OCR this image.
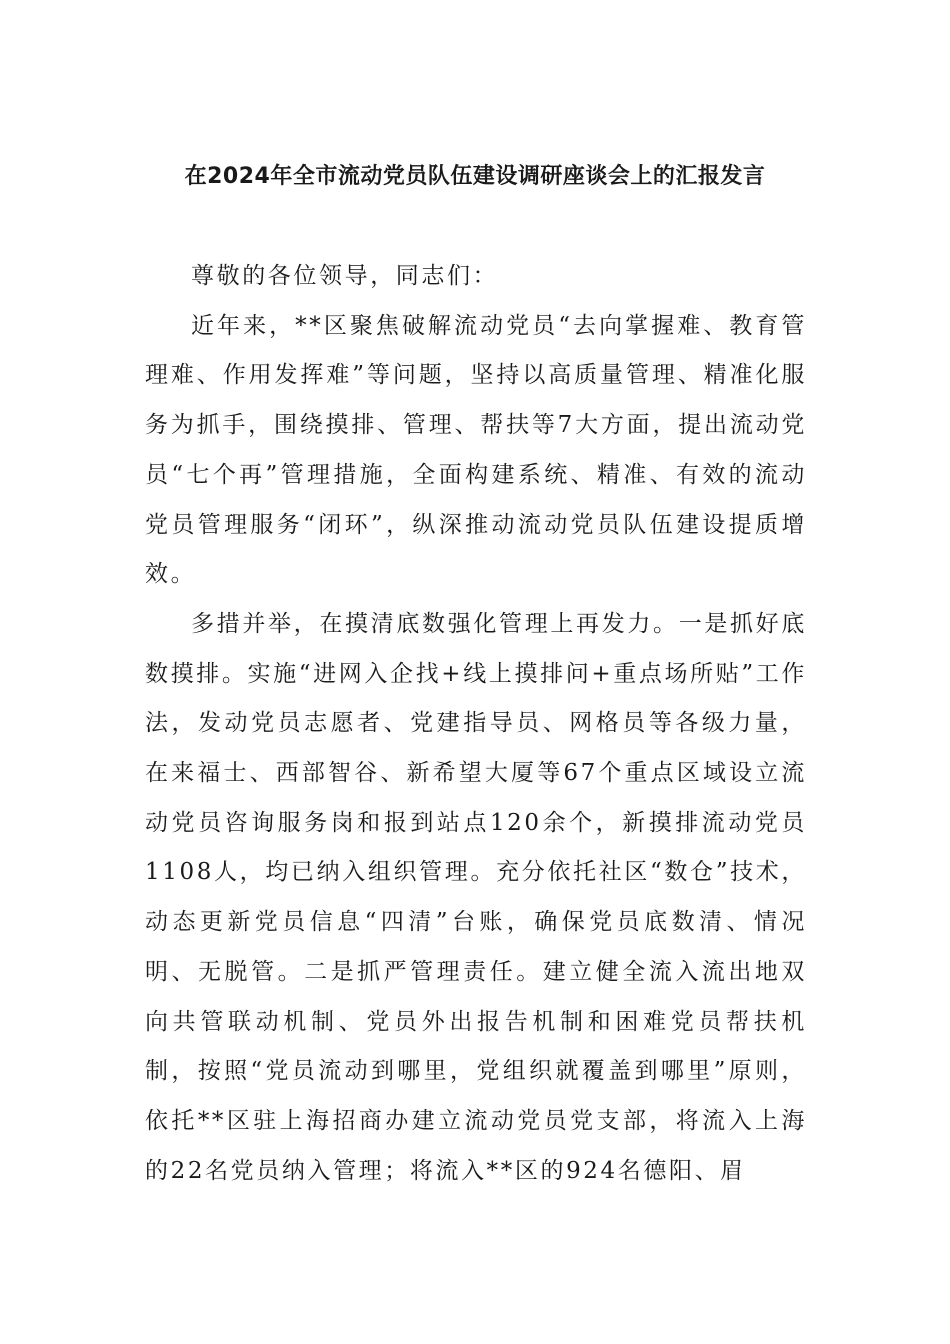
在2024年全市流动党员队伍建设调研座谈会上的汇报发言

尊敬的各位领导，同志们：

近年来，**区聚焦破解流动党员“去向掌握难、教育管理难、作用发挥难”等问题，坚持以高质量管理、精准化服务为抓手，围绕摸排、管理、帮扶等7大方面，提出流动党员“七个再”管理措施，全面构建系统、精准、有效的流动党员管理服务“闭环”，纵深推动流动党员队伍建设提质增效。

多措并举，在摸清底数强化管理上再发力。一是抓好底数摸排。实施“进网入企找+线上摸排问+重点场所贴”工作法，发动党员志愿者、党建指导员、网格员等各级力量，在来福士、西部智谷、新希望大厦等67个重点区域设立流动党员咨询服务岗和报到站点120余个，新摸排流动党员1108人，均已纳入组织管理。充分依托社区“数仓”技术，动态更新党员信息“四清”台账，确保党员底数清、情况明、无脱管。二是抓严管理责任。建立健全流入流出地双向共管联动机制、党员外出报告机制和困难党员帮扶机制，按照“党员流动到哪里，党组织就覆盖到哪里”原则，依托**区驻上海招商办建立流动党员党支部，将流入上海的22名党员纳入管理；将流入**区的924名德阳、眉
